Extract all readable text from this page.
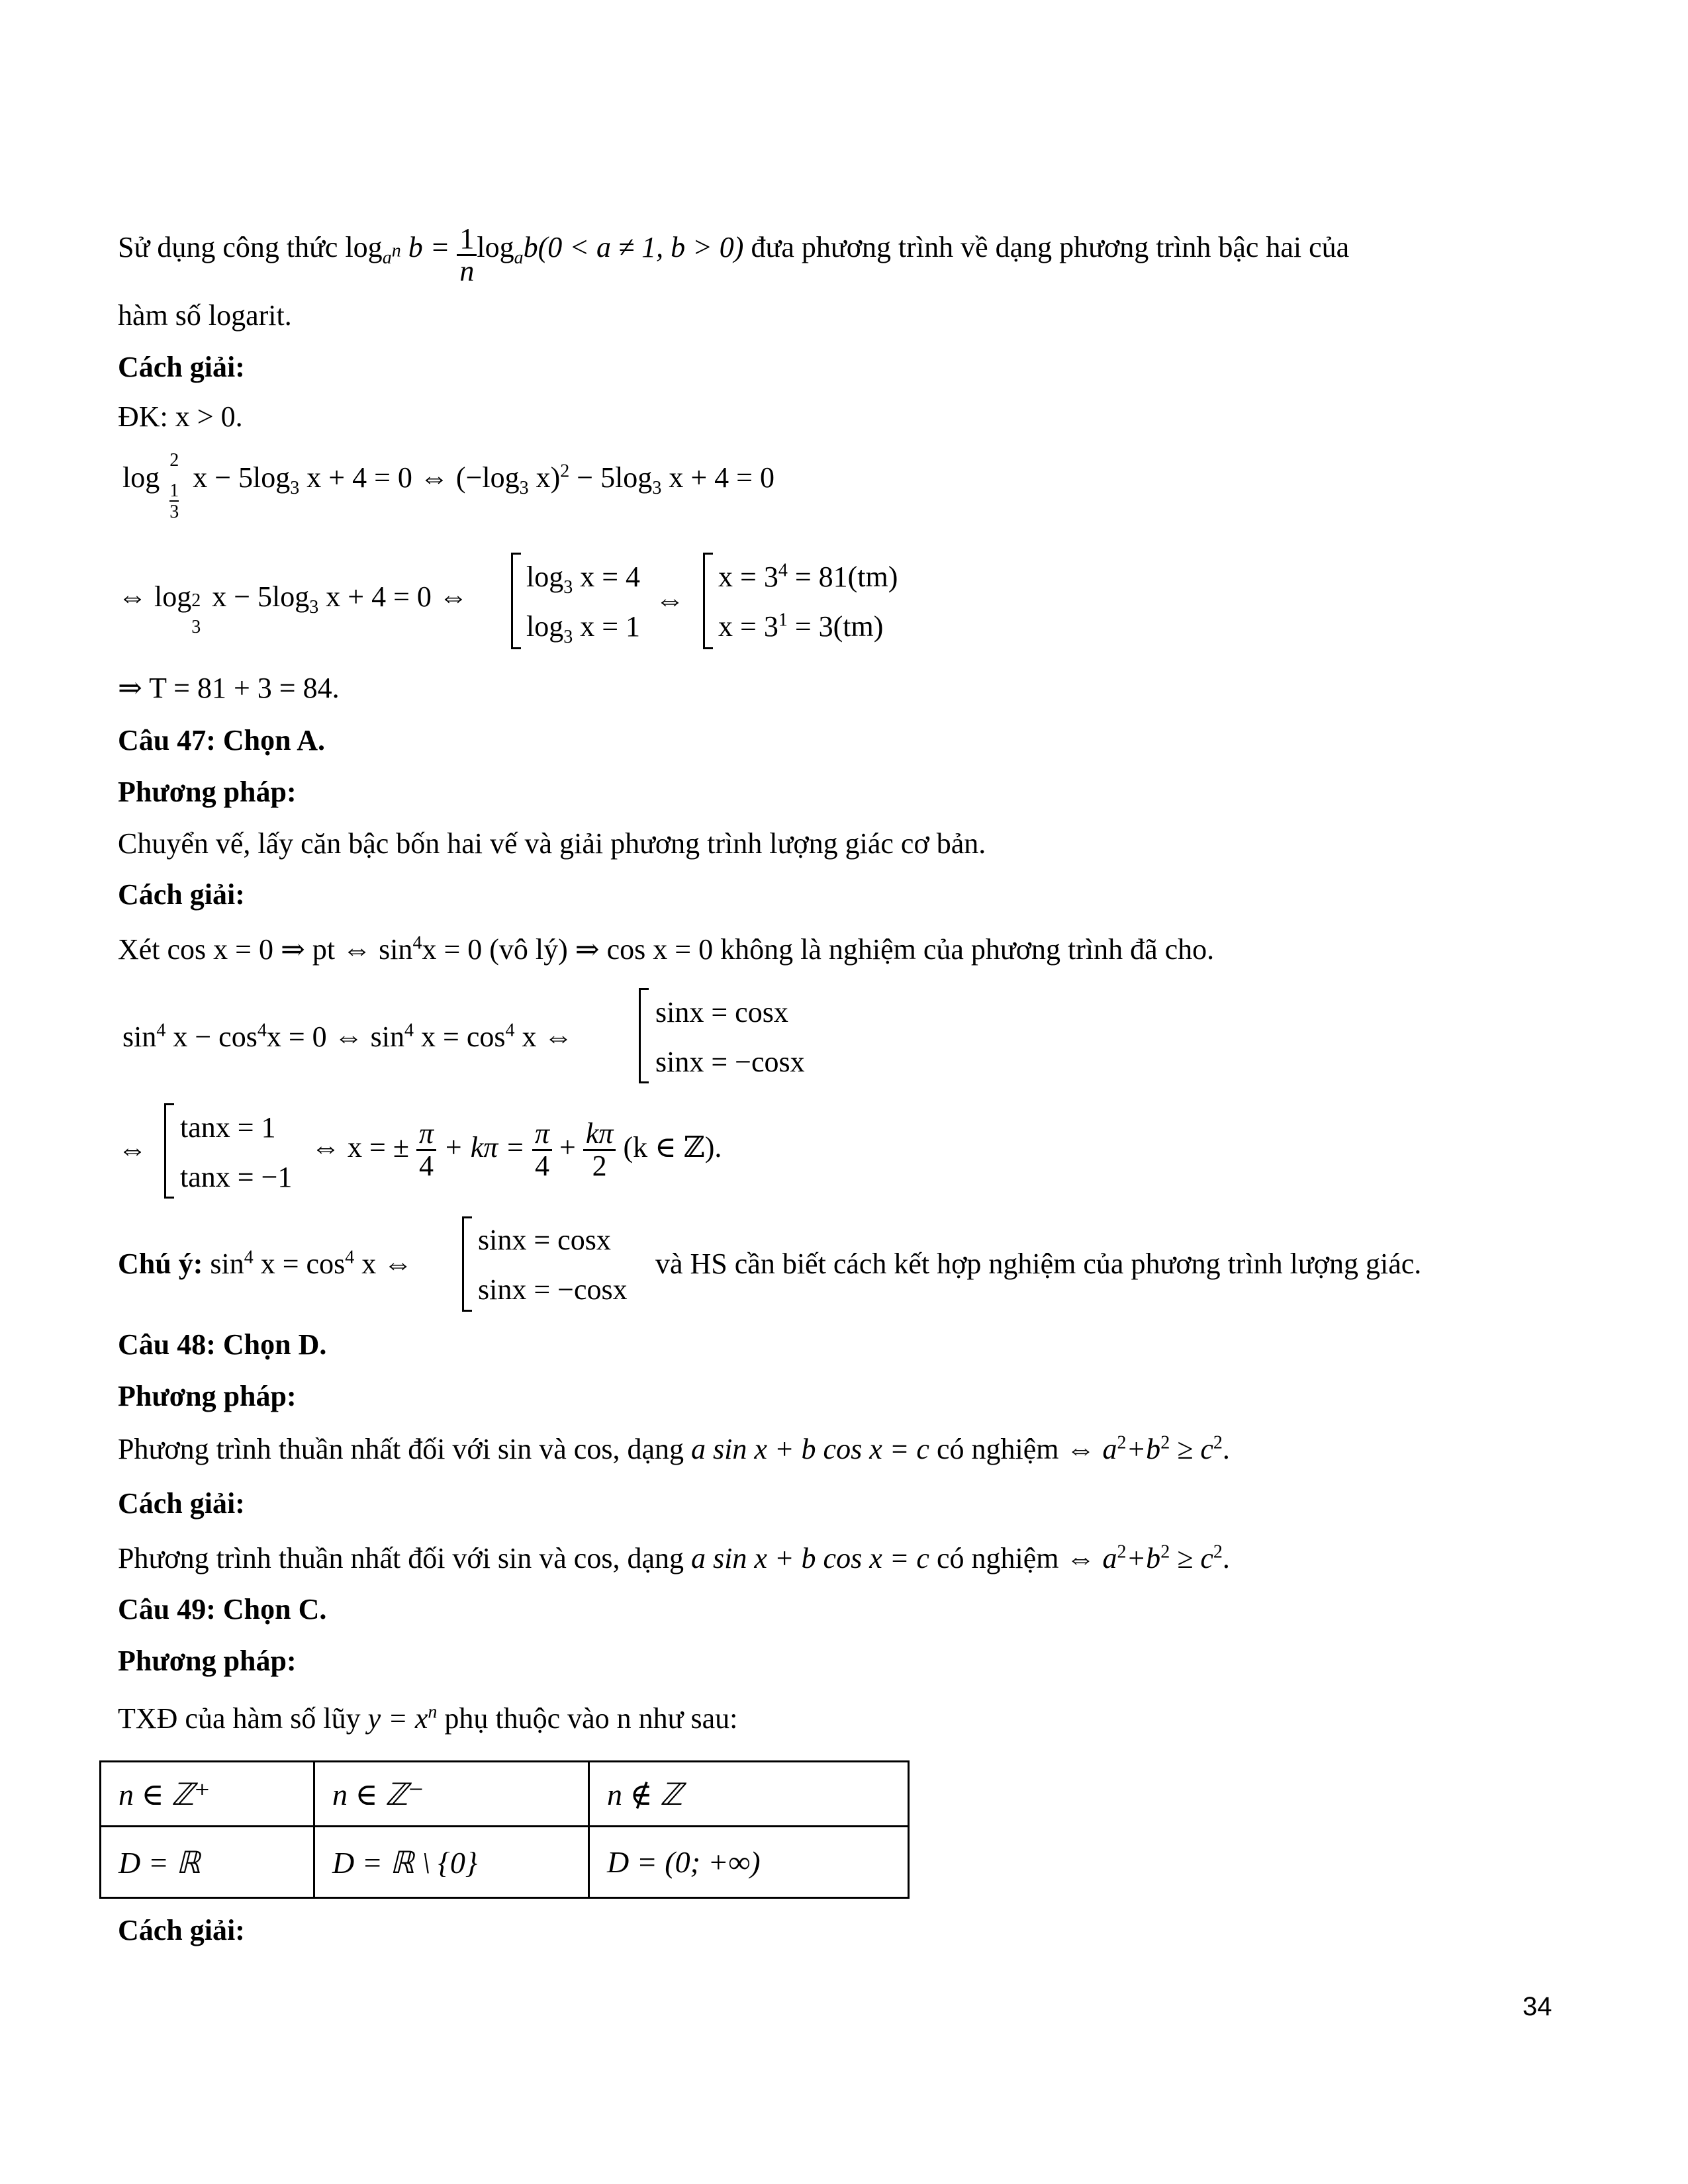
Sử dụng công thức $\log_{a^n} b = \frac{1}{n} \log_ab(0 < a \ne 1$, b > 0) đưa phương trình về dạng phương trình bậc hai của
hàm số logarit.
Cách giải:
ĐK: x > 0.
log
2
1
3
$x - 5\log_3$ x + 4 = 0 ⇔ ($-\log_3$ $x)^2 - 5\log_3$ x + 4 = 0
⇔ log 2
3
$x - 5\log_3$ x + 4 = 0 ⇔
$\log_3 x = 4$
$\log_3 x = 1$
⇔
$x = 3^4 = 81(tm)$
$x = 3^1 = 3(tm)$
⇒ T = 81 + 3 = 84.
Câu 47: Chọn A.
Phương pháp:
Chuyển vế, lấy căn bậc bốn hai vế và giải phương trình lượng giác cơ bản.
Cách giải:
Xét cos x = 0 ⇒ pt ⇔ $\sin^4x = 0$ (vô lý) ⇒ cos x = 0 không là nghiệm của phương trình đã cho.
$\sin^4 x - \cos^4x = 0$ ⇔ $\sin^4 x = \cos^4 x$ ⇔
sinx = cosx
sinx = −cosx
⇔
tanx = 1
tanx = −1
⇔ x = ± $\frac{\pi}{4} + k\pi = \frac{\pi}{4} + \frac{k\pi}{2} (k$ ∈ ℤ).
Chú ý: $\sin^4 x = \cos^4 x$ ⇔
sinx = cosx
sinx = −cosx
và HS cần biết cách kết hợp nghiệm của phương trình lượng giác.
Câu 48: Chọn D.
Phương pháp:
Phương trình thuần nhất đối với sin và cos, dạng a sin x + b cos x = c có nghiệm ⇔ $a^2+b^2 \ge c^2$.
Cách giải:
Phương trình thuần nhất đối với sin và cos, dạng a sin x + b cos x = c có nghiệm ⇔ $a^2+b^2 \ge c^2$.
Câu 49: Chọn C.
Phương pháp:
TXĐ của hàm số lũy $y = x^n$ phụ thuộc vào n như sau:
n ∈ ℤ⁺	n ∈ ℤ⁻	n ∉ ℤ
D = ℝ	D = ℝ \ {0}	D = (0; +∞)
Cách giải:
34
